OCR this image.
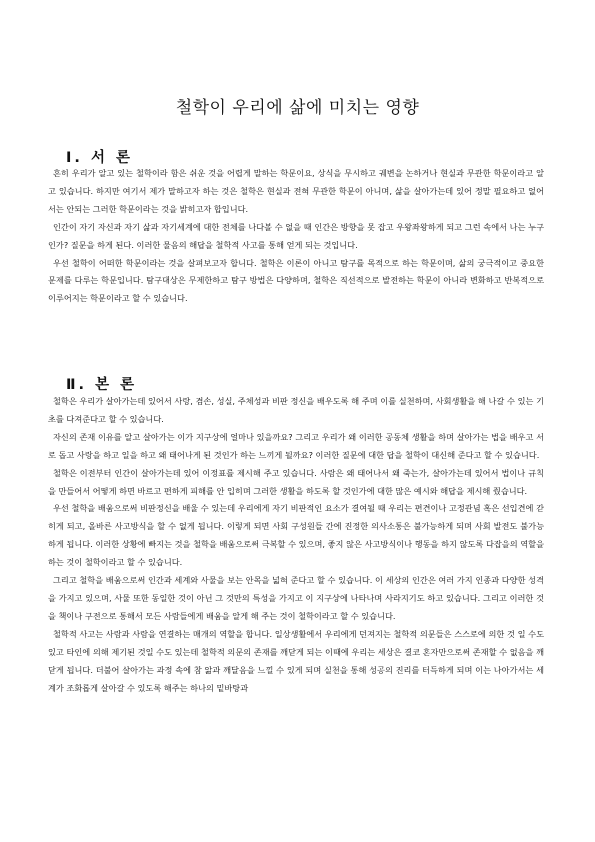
철학이 우리에 삶에 미치는 영향
Ⅰ. 서 론

흔히 우리가 알고 있는 철학이라 함은 쉬운 것을 어렵게 말하는 학문이요, 상식을 무시하고 궤변을 논하거나 현실과 무관한 학문이라고 알고 있습니다. 하지만 여기서 제가 말하고자 하는 것은 철학은 현실과 전혀 무관한 학문이 아니며, 삶을 살아가는데 있어 정말 필요하고 없어서는 안되는 그러한 학문이라는 것을 밝히고자 합입니다.

인간이 자기 자신과 자기 삶과 자기세계에 대한 전체를 나다볼 수 없을 때 인간은 방향을 못 잡고 우왕좌왕하게 되고 그런 속에서 나는 누구인가? 질문을 하게 된다. 이러한 물음의 해답을 철학적 사고를 통해 얻게 되는 것입니다.

우선 철학이 어떠한 학문이라는 것을 살펴보고자 합니다. 철학은 이론이 아니고 탐구를 목적으로 하는 학문이며, 삶의 궁극적이고 중요한 문제를 다루는 학문입니다. 탐구대상은 무제한하고 탐구 방법은 다양하며, 철학은 직선적으로 발전하는 학문이 아니라 변화하고 반복적으로 이루어지는 학문이라고 할 수 있습니다.

Ⅱ. 본 론

철학은 우리가 살아가는데 있어서 사랑, 겸손, 성실, 주체성과 비판 정신을 배우도록 해 주며 이를 실천하며, 사회생활을 해 나갈 수 있는 기초를 다져준다고 할 수 있습니다.

자신의 존재 이유를 알고 살아가는 이가 지구상에 얼마나 있을까요? 그리고 우리가 왜 이러한 공동체 생활을 하며 살아가는 법을 배우고 서로 돕고 사랑을 하고 일을 하고 왜 태어나게 된 것인가 하는 느끼게 될까요? 이러한 질문에 대한 답을 철학이 대신해 준다고 할 수 있습니다.

철학은 이전부터 인간이 살아가는데 있어 이정표를 제시해 주고 있습니다. 사람은 왜 태어나서 왜 죽는가, 살아가는데 있어서 법이나 규칙을 만들어서 어떻게 하면 바르고 편하게 피해를 안 입히며 그러한 생활을 하도록 할 것인가에 대한 많은 예시와 해답을 제시해 줬습니다.

우선 철학을 배움으로써 비판정신을 배울 수 있는데 우리에게 자기 비판적인 요소가 결여될 때 우리는 편견이나 고정관념 혹은 선입견에 갇히게 되고, 올바른 사고방식을 할 수 없게 됩니다. 이렇게 되면 사회 구성원들 간에 진정한 의사소통은 불가능하게 되며 사회 발전도 불가능하게 됩니다. 이러한 상황에 빠지는 것을 철학을 배움으로써 극복할 수 있으며, 좋지 않은 사고방식이나 행동을 하지 않도록 다잡을의 역할을 하는 것이 철학이라고 할 수 있습니다.

그리고 철학을 배움으로써 인간과 세계와 사물을 보는 안목을 넓혀 준다고 할 수 있습니다. 이 세상의 인간은 여러 가지 인종과 다양한 성격을 가지고 있으며, 사물 또한 동일한 것이 아닌 그 것만의 특성을 가지고 이 지구상에 나타나며 사라지기도 하고 있습니다. 그리고 이러한 것을 책이나 구전으로 통해서 모든 사람들에게 배움을 알게 해 주는 것이 철학이라고 할 수 있습니다.

철학적 사고는 사람과 사람을 연결하는 매개의 역할을 합니다. 일상생활에서 우리에게 던져지는 철학적 의문들은 스스로에 의한 것 일 수도 있고 타인에 의해 제기된 것일 수도 있는데 철학적 의문의 존재를 깨닫게 되는 이때에 우리는 세상은 결코 혼자만으로써 존재할 수 없음을 깨닫게 됩니다. 더불어 살아가는 과정 속에 참 앎과 깨달음을 느낄 수 있게 되며 실천을 통해 성공의 진리를 터득하게 되며 이는 나아가서는 세계가 조화롭게 살아갈 수 있도록 해주는 하나의 밑바탕과
